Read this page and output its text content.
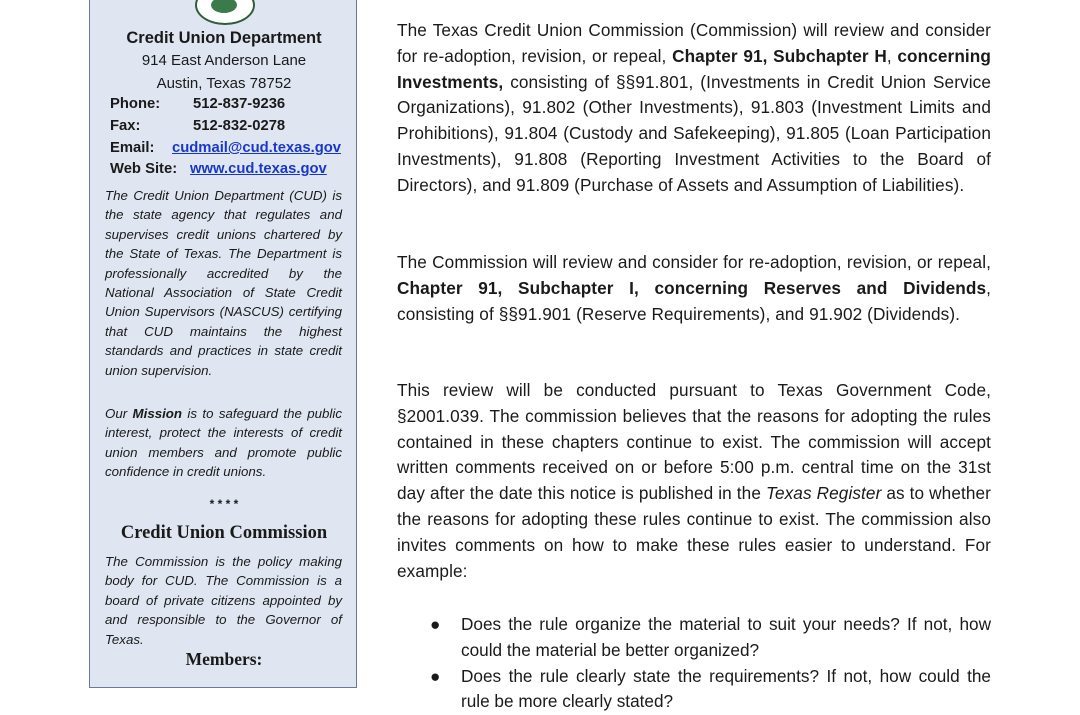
Credit Union Department
914 East Anderson Lane
Austin, Texas 78752
Phone: 512-837-9236
Fax:	512-832-0278
Email: cudmail@cud.texas.gov
Web Site: www.cud.texas.gov
The Credit Union Department (CUD) is the state agency that regulates and supervises credit unions chartered by the State of Texas. The Department is professionally accredited by the National Association of State Credit Union Supervisors (NASCUS) certifying that CUD maintains the highest standards and practices in state credit union supervision.
Our Mission is to safeguard the public interest, protect the interests of credit union members and promote public confidence in credit unions.
* * * *
Credit Union Commission
The Commission is the policy making body for CUD. The Commission is a board of private citizens appointed by and responsible to the Governor of Texas.
Members:
The Texas Credit Union Commission (Commission) will review and consider for re-adoption, revision, or repeal, Chapter 91, Subchapter H, concerning Investments, consisting of §§91.801, (Investments in Credit Union Service Organizations), 91.802 (Other Investments), 91.803 (Investment Limits and Prohibitions), 91.804 (Custody and Safekeeping), 91.805 (Loan Participation Investments), 91.808 (Reporting Investment Activities to the Board of Directors), and 91.809 (Purchase of Assets and Assumption of Liabilities).
The Commission will review and consider for re-adoption, revision, or repeal, Chapter 91, Subchapter I, concerning Reserves and Dividends, consisting of §§91.901 (Reserve Requirements), and 91.902 (Dividends).
This review will be conducted pursuant to Texas Government Code, §2001.039. The commission believes that the reasons for adopting the rules contained in these chapters continue to exist. The commission will accept written comments received on or before 5:00 p.m. central time on the 31st day after the date this notice is published in the Texas Register as to whether the reasons for adopting these rules continue to exist. The commission also invites comments on how to make these rules easier to understand. For example:
● Does the rule organize the material to suit your needs? If not, how could the material be better organized?
● Does the rule clearly state the requirements? If not, how could the rule be more clearly stated?
